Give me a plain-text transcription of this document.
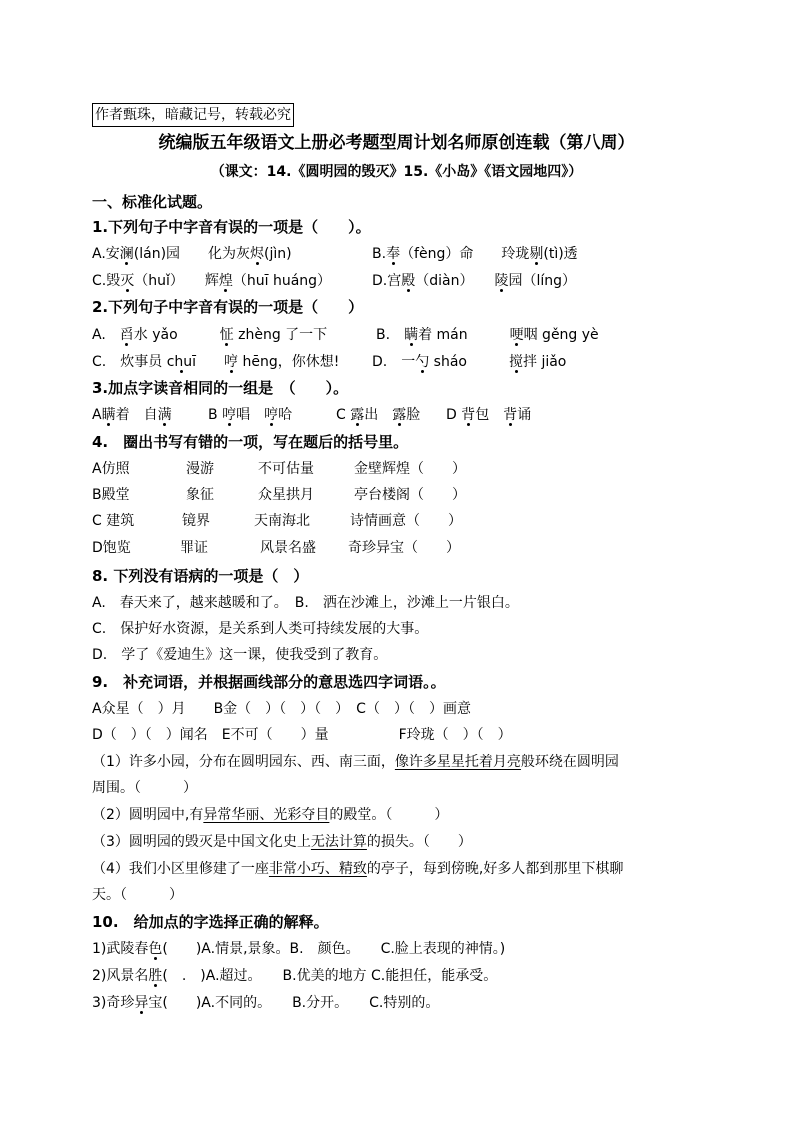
作者甄珠，暗藏记号，转载必究
统编版五年级语文上册必考题型周计划名师原创连载（第八周）
（课文：14.《圆明园的毁灭》15.《小岛》《语文园地四》）
一、标准化试题。
1.下列句子中字音有误的一项是（　　）。
A.安澜(lán)园　　化为灰烬(jìn)	B.奉（fèng）命　　玲珑剔(tì)透
C.毁灭（huǐ）　　辉煌（huī huáng）	D.宫殿（diàn）　　陵园（líng）
2.下列句子中字音有误的一项是（　　）
A.　舀水 yǎo　　　怔 zhèng 了一下	B.　瞒着 mán　　　哽咽 gěng yè
C.　炊事员 chuī　　 哼 hēng，你休想! D.　一勺 sháo　　　搅拌 jiǎo
3.加点字读音相同的一组是　（　　）。
A瞒着　自满	B 哼唱　哼哈	C 露出　露脸 D 背包　背诵
4.　圈出书写有错的一项，写在题后的括号里。
A仿照	漫游	不可估量	金壁辉煌（　　）
B殿堂	象征	众星拱月	亭台楼阁（　　）
C 建筑	镜界	天南海北	诗情画意（　　）
D饱览	罪证	风景名盛 奇珍异宝（　　）
8. 下列没有语病的一项是（　）
A.　春天来了，越来越暖和了。　B.　洒在沙滩上，沙滩上一片银白。
C.　保护好水资源，是关系到人类可持续发展的大事。
D.　学了《爱迪生》这一课，使我受到了教育。
9.　补充词语，并根据画线部分的意思选四字词语。。
A众星（　）月　　B金（　）（　）（　）　C（　）（　）画意
D（　）（　）闻名　E不可（　　）量　　　　　F玲珑（　）（　）
（1）许多小园，分布在圆明园东、西、南三面，像许多星星托着月亮般环绕在圆明园
周围。（　　　）
（2）圆明园中,有异常华丽、光彩夺目的殿堂。（　　　）
（3）圆明园的毁灭是中国文化史上无法计算的损失。（　　）
（4）我们小区里修建了一座非常小巧、精致的亭子，每到傍晚,好多人都到那里下棋聊
天。（　　　）
10.　给加点的字选择正确的解释。
1)武陵春色(　　)A.情景,景象。B.　颜色。　　C.脸上表现的神情。)
2)风景名胜(　.　)A.超过。　　B.优美的地方 C.能担任，能承受。
3)奇珍异宝(　　)A.不同的。　　B.分开。　　C.特别的。
